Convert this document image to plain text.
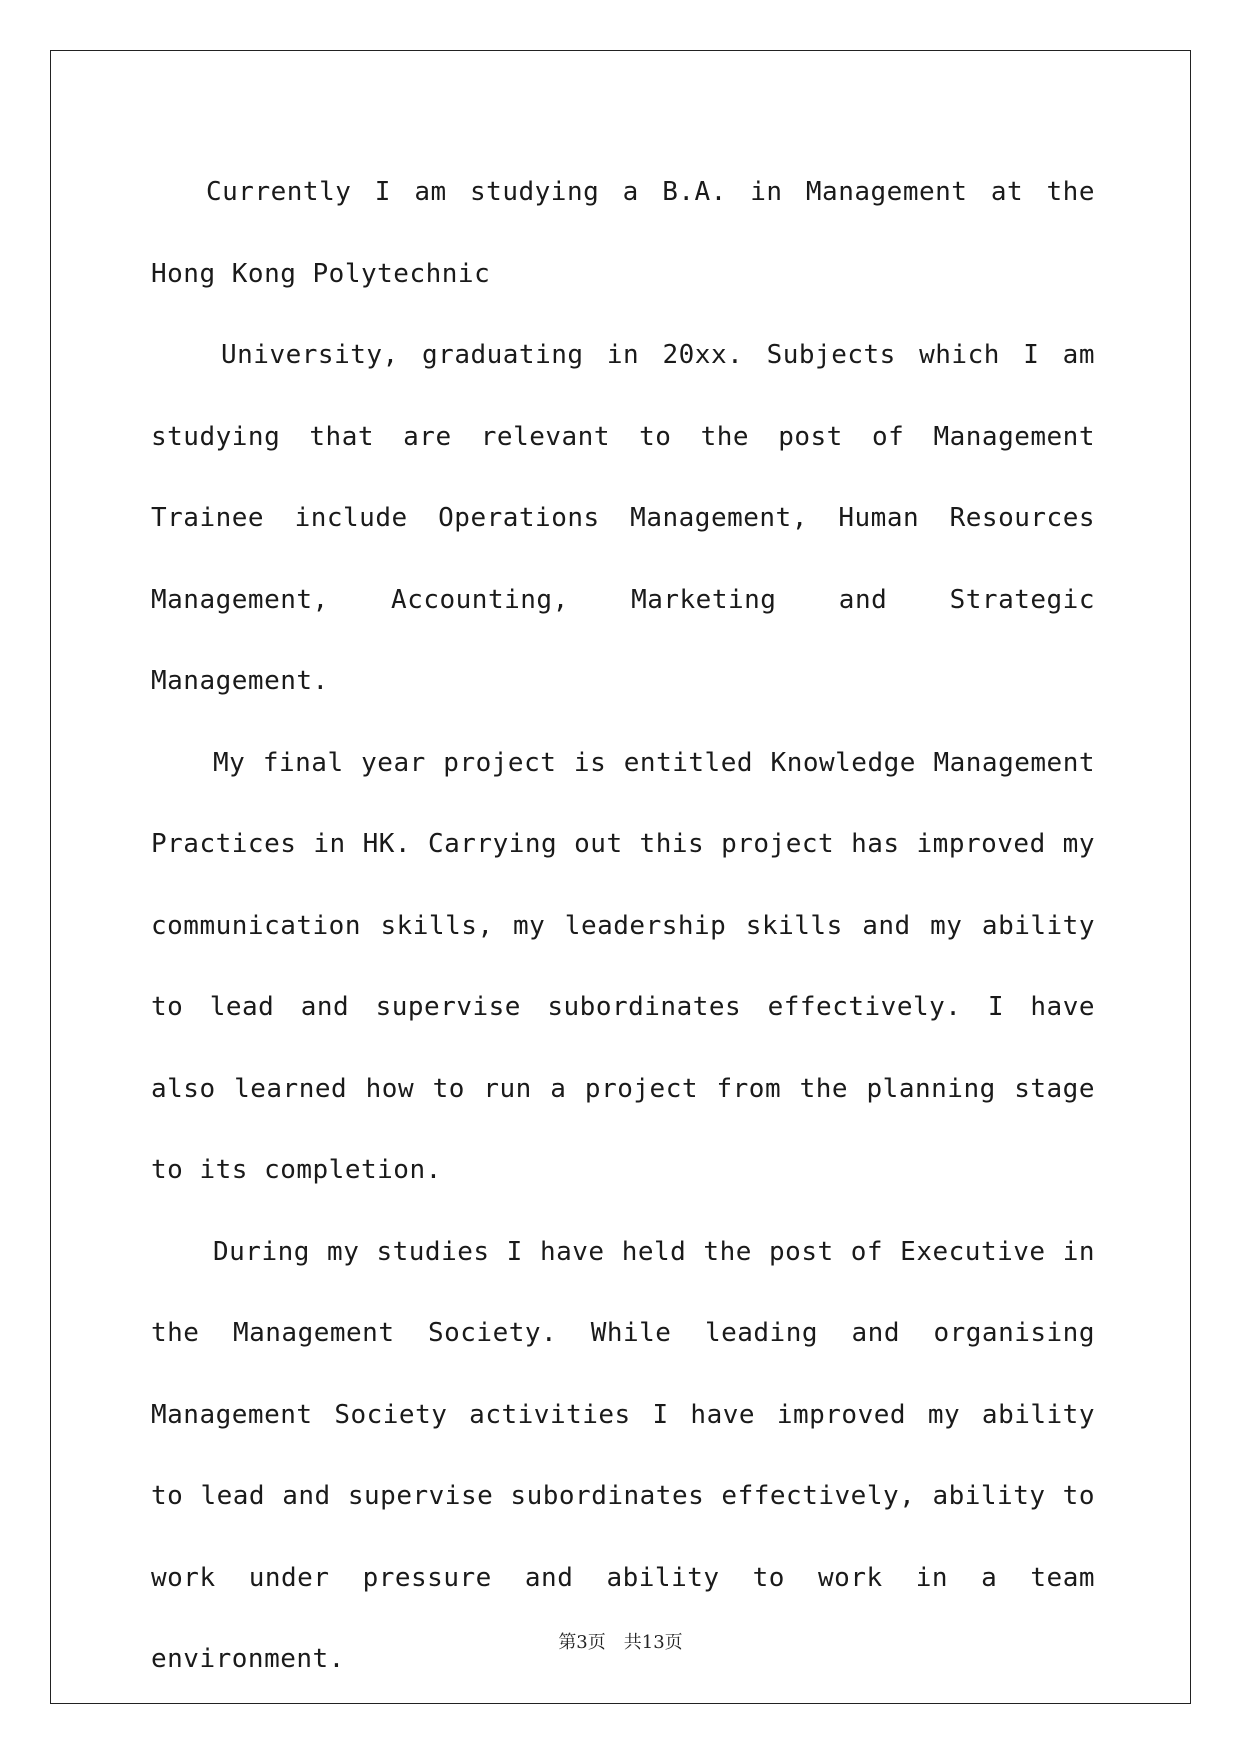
Currently I am studying a B.A. in Management at the Hong Kong Polytechnic

University, graduating in 20xx. Subjects which I am studying that are relevant to the post of Management Trainee include Operations Management, Human Resources Management, Accounting, Marketing and Strategic Management.

My final year project is entitled Knowledge Management Practices in HK. Carrying out this project has improved my communication skills, my leadership skills and my ability to lead and supervise subordinates effectively. I have also learned how to run a project from the planning stage to its completion.

During my studies I have held the post of Executive in the Management Society. While leading and organising Management Society activities I have improved my ability to lead and supervise subordinates effectively, ability to work under pressure and ability to work in a team environment.

第3页　共13页
